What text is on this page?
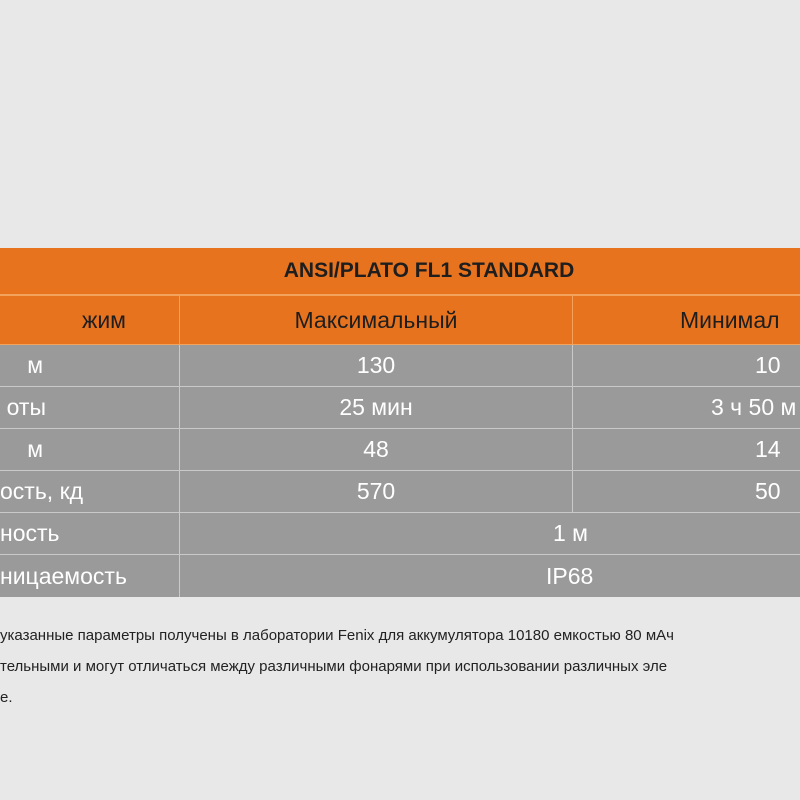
ANSI/PLATO FL1 STANDARD
жим	Максимальный	Минимал
м	130	10
оты	25 мин	3 ч 50 м
м	48	14
ость, кд	570	50
ность	1 м
ницаемость	IP68
указанные параметры получены в лаборатории Fenix для аккумулятора 10180 емкостью 80 мАч
тельными и могут отличаться между различными фонарями при использовании различных эле
е.
